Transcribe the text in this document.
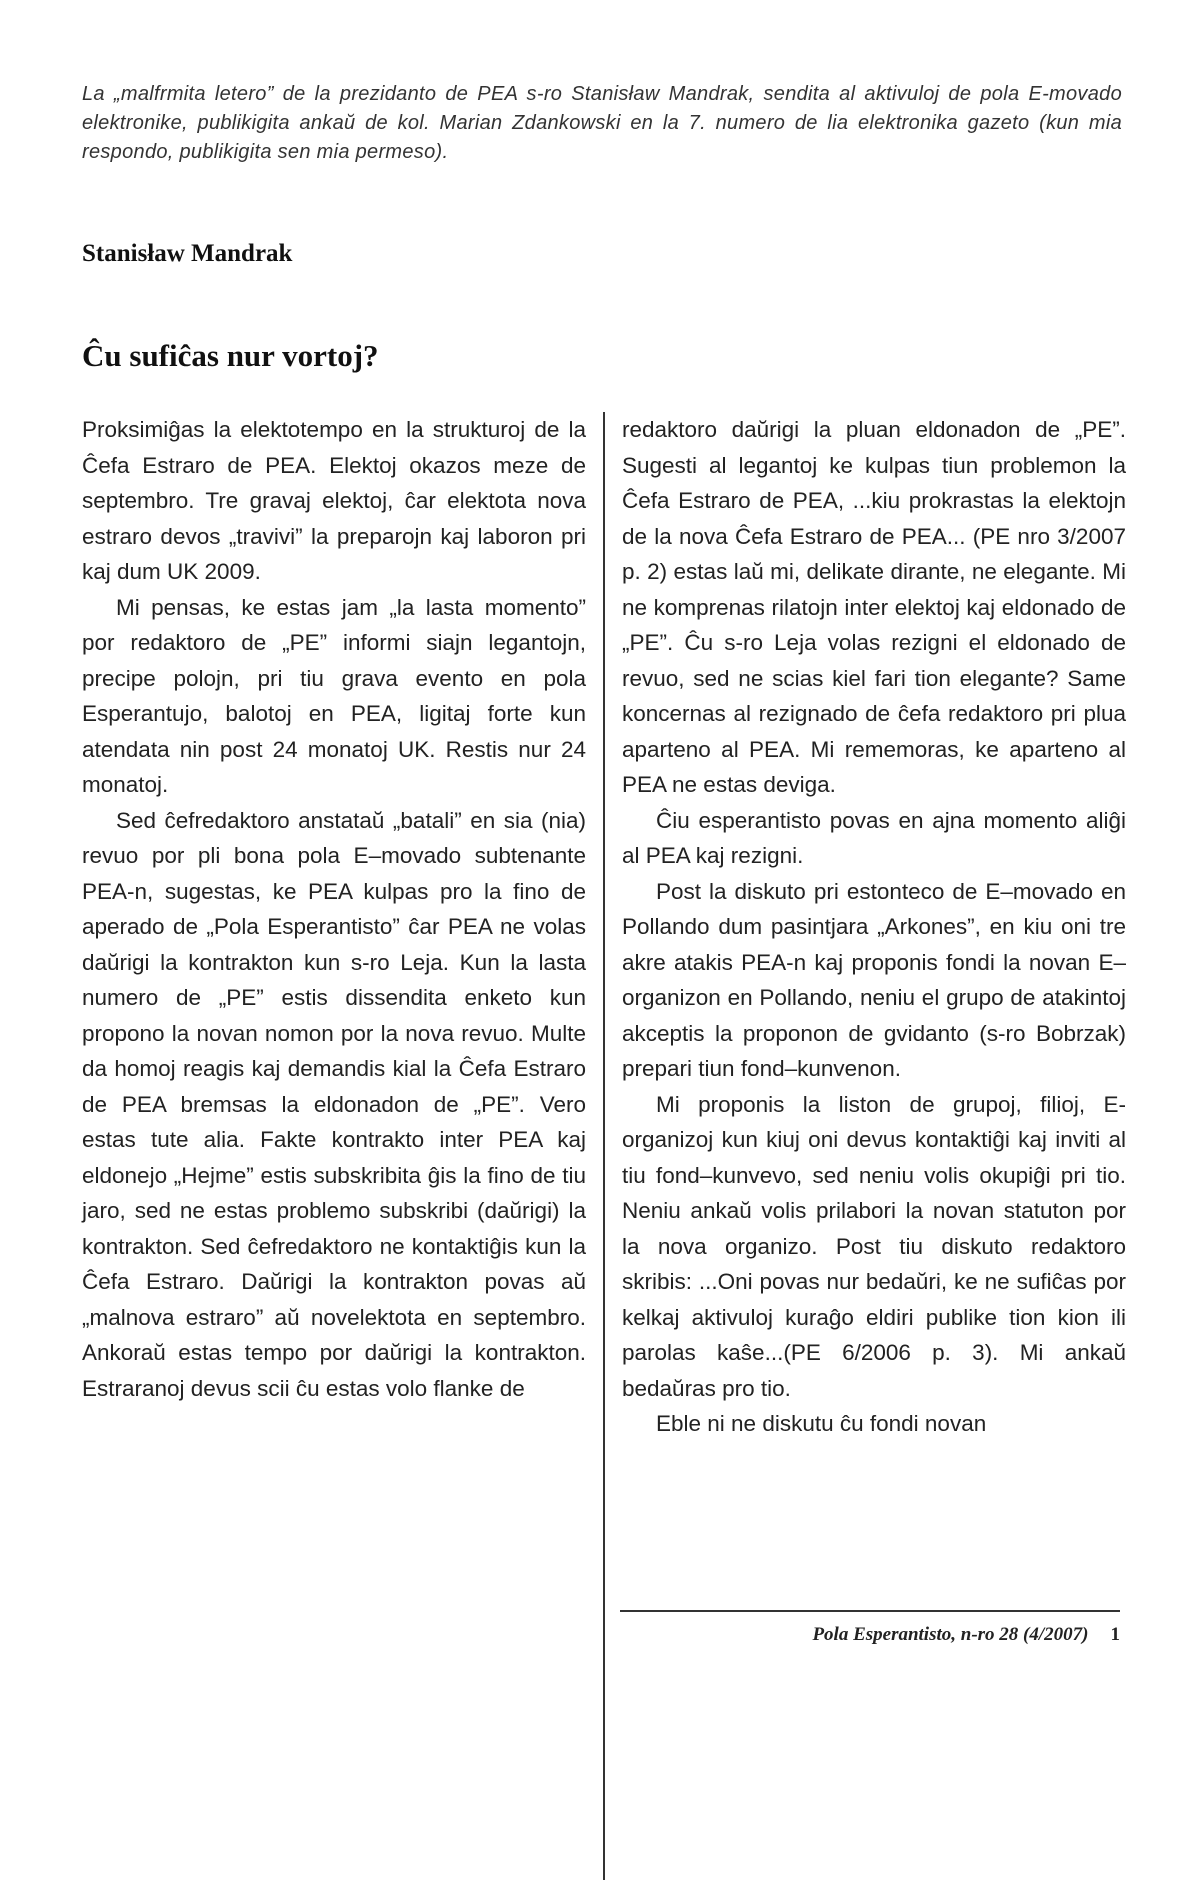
La „malfrmita letero” de la prezidanto de PEA s-ro Stanisław Mandrak, sendita al aktivuloj de pola E-movado elektronike, publikigita ankaŭ de kol. Marian Zdankowski en la 7. numero de lia elektronika gazeto (kun mia respondo, publikigita sen mia permeso).
Stanisław Mandrak
Ĉu sufiĉas nur vortoj?

Proksimiĝas la elektotempo en la strukturoj de la Ĉefa Estraro de PEA. Elektoj okazos meze de septembro. Tre gravaj elektoj, ĉar elektota nova estraro devos „travivi” la preparojn kaj laboron pri kaj dum UK 2009.

Mi pensas, ke estas jam „la lasta momento” por redaktoro de „PE” informi siajn legantojn, precipe polojn, pri tiu grava evento en pola Esperantujo, balotoj en PEA, ligitaj forte kun atendata nin post 24 monatoj UK. Restis nur 24 monatoj.

Sed ĉefredaktoro anstataŭ „batali” en sia (nia) revuo por pli bona pola E–movado subtenante PEA-n, sugestas, ke PEA kulpas pro la fino de aperado de „Pola Esperantisto” ĉar PEA ne volas daŭrigi la kontrakton kun s-ro Leja. Kun la lasta numero de „PE” estis dissendita enketo kun propono la novan nomon por la nova revuo. Multe da homoj reagis kaj demandis kial la Ĉefa Estraro de PEA bremsas la eldonadon de „PE”. Vero estas tute alia. Fakte kontrakto inter PEA kaj eldonejo „Hejme” estis subskribita ĝis la fino de tiu jaro, sed ne estas problemo subskribi (daŭrigi) la kontrakton. Sed ĉefredaktoro ne kontaktiĝis kun la Ĉefa Estraro. Daŭrigi la kontrakton povas aŭ „malnova estraro” aŭ novelektota en septembro. Ankoraŭ estas tempo por daŭrigi la kontrakton. Estraranoj devus scii ĉu estas volo flanke de

redaktoro daŭrigi la pluan eldonadon de „PE”. Sugesti al legantoj ke kulpas tiun problemon la Ĉefa Estraro de PEA, ...kiu prokrastas la elektojn de la nova Ĉefa Estraro de PEA... (PE nro 3/2007 p. 2) estas laŭ mi, delikate dirante, ne elegante. Mi ne komprenas rilatojn inter elektoj kaj eldonado de „PE”. Ĉu s-ro Leja volas rezigni el eldonado de revuo, sed ne scias kiel fari tion elegante? Same koncernas al rezignado de ĉefa redaktoro pri plua aparteno al PEA. Mi rememoras, ke aparteno al PEA ne estas deviga.

Ĉiu esperantisto povas en ajna momento aliĝi al PEA kaj rezigni.

Post la diskuto pri estonteco de E–movado en Pollando dum pasintjara „Arkones”, en kiu oni tre akre atakis PEA-n kaj proponis fondi la novan E–organizon en Pollando, neniu el grupo de atakintoj akceptis la proponon de gvidanto (s-ro Bobrzak) prepari tiun fond–kunvenon.

Mi proponis la liston de grupoj, filioj, E-organizoj kun kiuj oni devus kontaktiĝi kaj inviti al tiu fond–kunvevo, sed neniu volis okupiĝi pri tio. Neniu ankaŭ volis prilabori la novan statuton por la nova organizo. Post tiu diskuto redaktoro skribis: ...Oni povas nur bedaŭri, ke ne sufiĉas por kelkaj aktivuloj kuraĝo eldiri publike tion kion ili parolas kaŝe...(PE 6/2006 p. 3). Mi ankaŭ bedaŭras pro tio.

Eble ni ne diskutu ĉu fondi novan

Pola Esperantisto, n-ro 28 (4/2007) 1
